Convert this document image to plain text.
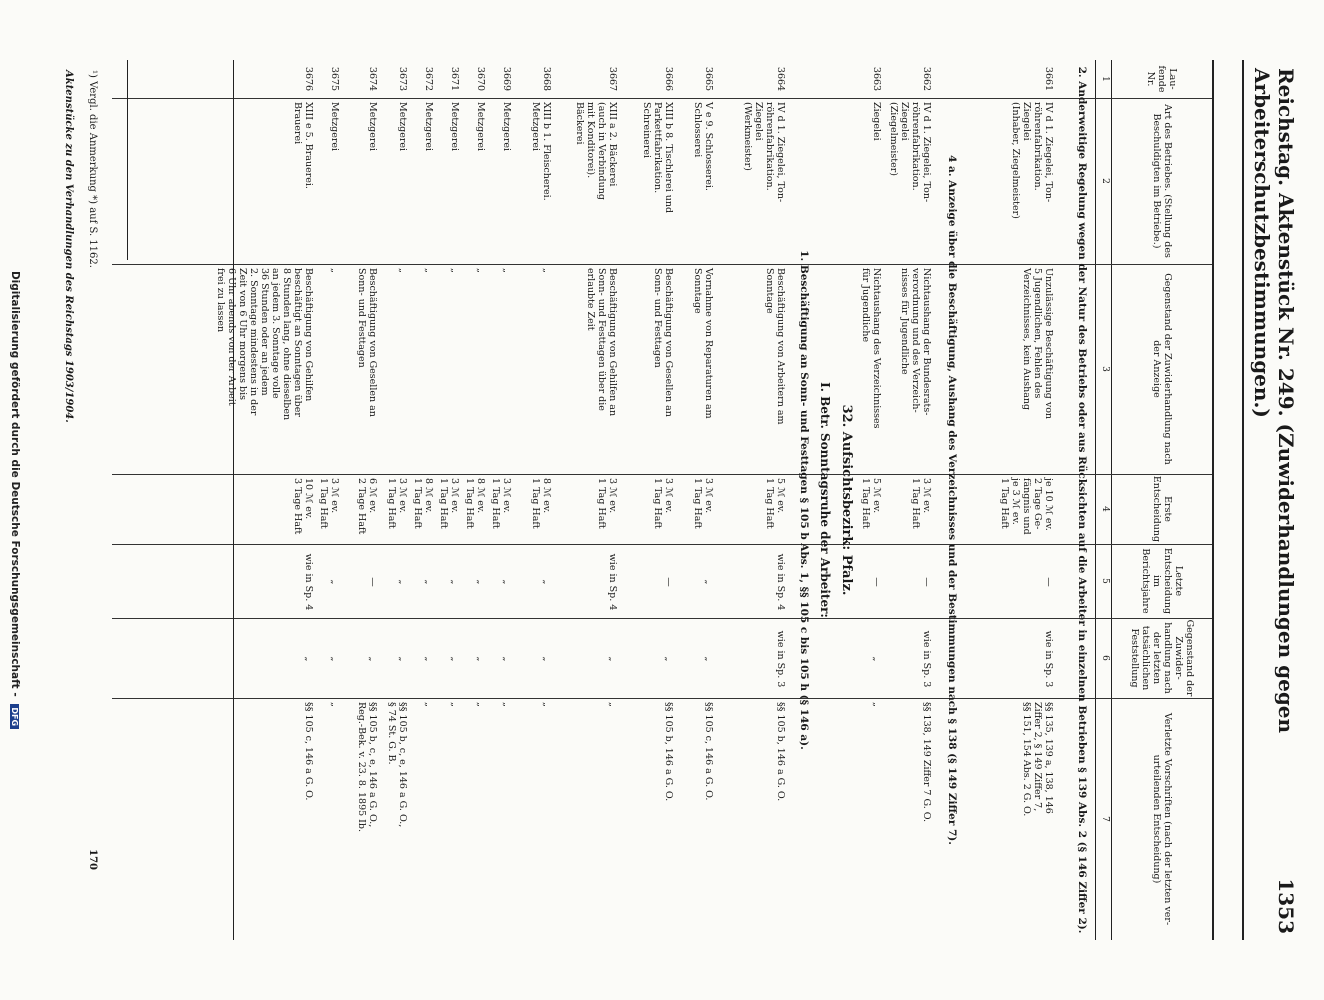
Reichstag. Aktenstück Nr. 249. (Zuwiderhandlungen gegen Arbeiterschutzbestimmungen.)
1353
Lau- fende Nr.
Art des Betriebes. (Stellung des Beschuldigten im Betriebe.)
Gegenstand der Zuwiderhandlung nach der Anzeige
Erste Entscheidung
Letzte Entscheidung im Berichtsjahre
Gegenstand der Zuwider- handlung nach der letzten tatsächlichen Feststellung
Verletzte Vorschriften (nach der letzten ver- urteilenden Entscheidung)
1
2
3
4
5
6
7
2. Anderweitige Regelung wegen der Natur des Betriebs oder aus Rücksichten auf die Arbeiter in einzelnen Betrieben § 139 Abs. 2 (§ 146 Ziffer 2).
3661
IV d 1. Ziegelei, Ton-
röhrenfabrikation.
Ziegelei
(Inhaber, Ziegelmeister)
Unzulässige Beschäftigung von
5 Jugendlichen, Fehlen des
Verzeichnisses, kein Aushang
je 10 ℳ ev.
2 Tage Ge-
fängnis und
je 3 ℳ ev.
1 Tag Haft
—
wie in Sp. 3
§§ 135, 139 a, 138, 146
Ziffer 2, § 149 Ziffer 7,
§§ 151, 154 Abs. 2 G. O.
4 a. Anzeige über die Beschäftigung, Aushang des Verzeichnisses und der Bestimmungen nach § 138 (§ 149 Ziffer 7).
3662
IV d 1. Ziegelei, Ton-
röhrenfabrikation.
Ziegelei
(Ziegelmeister)
Nichtaushang der Bundesrats-
verordnung und des Verzeich-
nisses für Jugendliche
3 ℳ ev.
1 Tag Haft
—
wie in Sp. 3
§§ 138, 149 Ziffer 7 G. O.
3663
Ziegelei
Nichtaushang des Verzeichnisses
für Jugendliche
5 ℳ ev.
1 Tag Haft
—
„
„
32. Aufsichtsbezirk: Pfalz.
I. Betr. Sonntagsruhe der Arbeiter:
1. Beschäftigung an Sonn- und Festtagen § 105 b Abs. 1, §§ 105 c bis 105 h (§ 146 a).
3664
IV d 1. Ziegelei, Ton-
röhrenfabrikation.
Ziegelei
(Werkmeister)
Beschäftigung von Arbeitern am
Sonntage
5 ℳ ev.
1 Tag Haft
wie in Sp. 4
wie in Sp. 3
§§ 105 b, 146 a G. O.
3665
V e 9. Schlosserei.
Schlosserei
Vornahme von Reparaturen am
Sonntage
3 ℳ ev.
1 Tag Haft
„
„
§§ 105 c, 146 a G. O.
3666
XIII b 8. Tischlerei und
Parkettfabrikation.
Schreinerei
Beschäftigung von Gesellen an
Sonn- und Festtagen
3 ℳ ev.
1 Tag Haft
—
„
§§ 105 b, 146 a G. O.
3667
XIII a 2. Bäckerei
(auch in Verbindung
mit Konditorei).
Bäckerei
Beschäftigung von Gehilfen an
Sonn- und Festtagen über die
erlaubte Zeit
3 ℳ ev.
1 Tag Haft
wie in Sp. 4
„
„
3668
XIII b 1. Fleischerei.
Metzgerei
„
8 ℳ ev.
1 Tag Haft
„
„
„
3669
Metzgerei
„
3 ℳ ev.
1 Tag Haft
„
„
„
3670
Metzgerei
„
8 ℳ ev.
1 Tag Haft
„
„
„
3671
Metzgerei
„
3 ℳ ev.
1 Tag Haft
„
„
„
3672
Metzgerei
„
8 ℳ ev.
1 Tag Haft
„
„
„
3673
Metzgerei
„
3 ℳ ev.
1 Tag Haft
„
„
§§ 105 b, c, e, 146 a G. O.,
§ 74 St. G. B.
3674
Metzgerei
Beschäftigung von Gesellen an
Sonn- und Festtagen
6 ℳ ev.
2 Tage Haft
—
„
§§ 105 b, c, e, 146 a G. O.,
Reg.-Bek. v. 23. 8. 1895 Ib.
3675
Metzgerei
„
3 ℳ ev.
1 Tag Haft
„
„
„
3676
XIII e 5. Brauerei.
Brauerei
Beschäftigung von Gehilfen
beschäftigt an Sonntagen über
8 Stunden lang, ohne dieselben
an jedem 3. Sonntage volle
36 Stunden oder an jedem
2. Sonntage mindestens in der
Zeit von 6 Uhr morgens bis
6 Uhr abends von der Arbeit
frei zu lassen
10 ℳ ev.
3 Tage Haft
wie in Sp. 4
„
§§ 105 c, 146 a G. O.
¹) Vergl. die Anmerkung *) auf S. 1162.
170
Aktenstücke zu den Verhandlungen des Reichstags 1903/1904.
Digitalisierung gefördert durch die Deutsche Forschungsgemeinschaft - DFG
